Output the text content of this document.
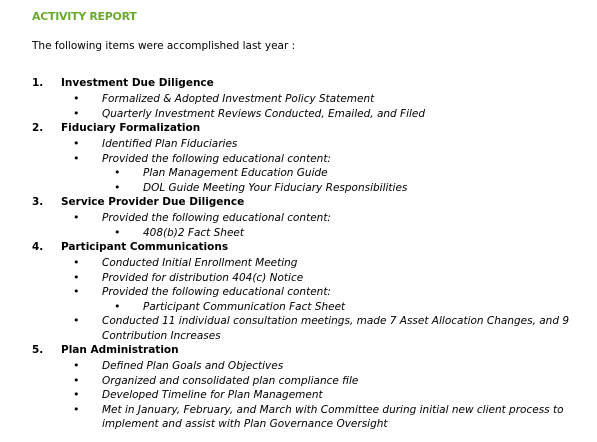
ACTIVITY REPORT
The following items were accomplished last year :
1. Investment Due Diligence
• Formalized & Adopted Investment Policy Statement
• Quarterly Investment Reviews Conducted, Emailed, and Filed
2. Fiduciary Formalization
• Identified Plan Fiduciaries
• Provided the following educational content:
• Plan Management Education Guide
• DOL Guide Meeting Your Fiduciary Responsibilities
3. Service Provider Due Diligence
• Provided the following educational content:
• 408(b)2 Fact Sheet
4. Participant Communications
• Conducted Initial Enrollment Meeting
• Provided for distribution 404(c) Notice
• Provided the following educational content:
• Participant Communication Fact Sheet
• Conducted 11 individual consultation meetings, made 7 Asset Allocation Changes, and 9 Contribution Increases
5. Plan Administration
• Defined Plan Goals and Objectives
• Organized and consolidated plan compliance file
• Developed Timeline for Plan Management
• Met in January, February, and March with Committee during initial new client process to implement and assist with Plan Governance Oversight
